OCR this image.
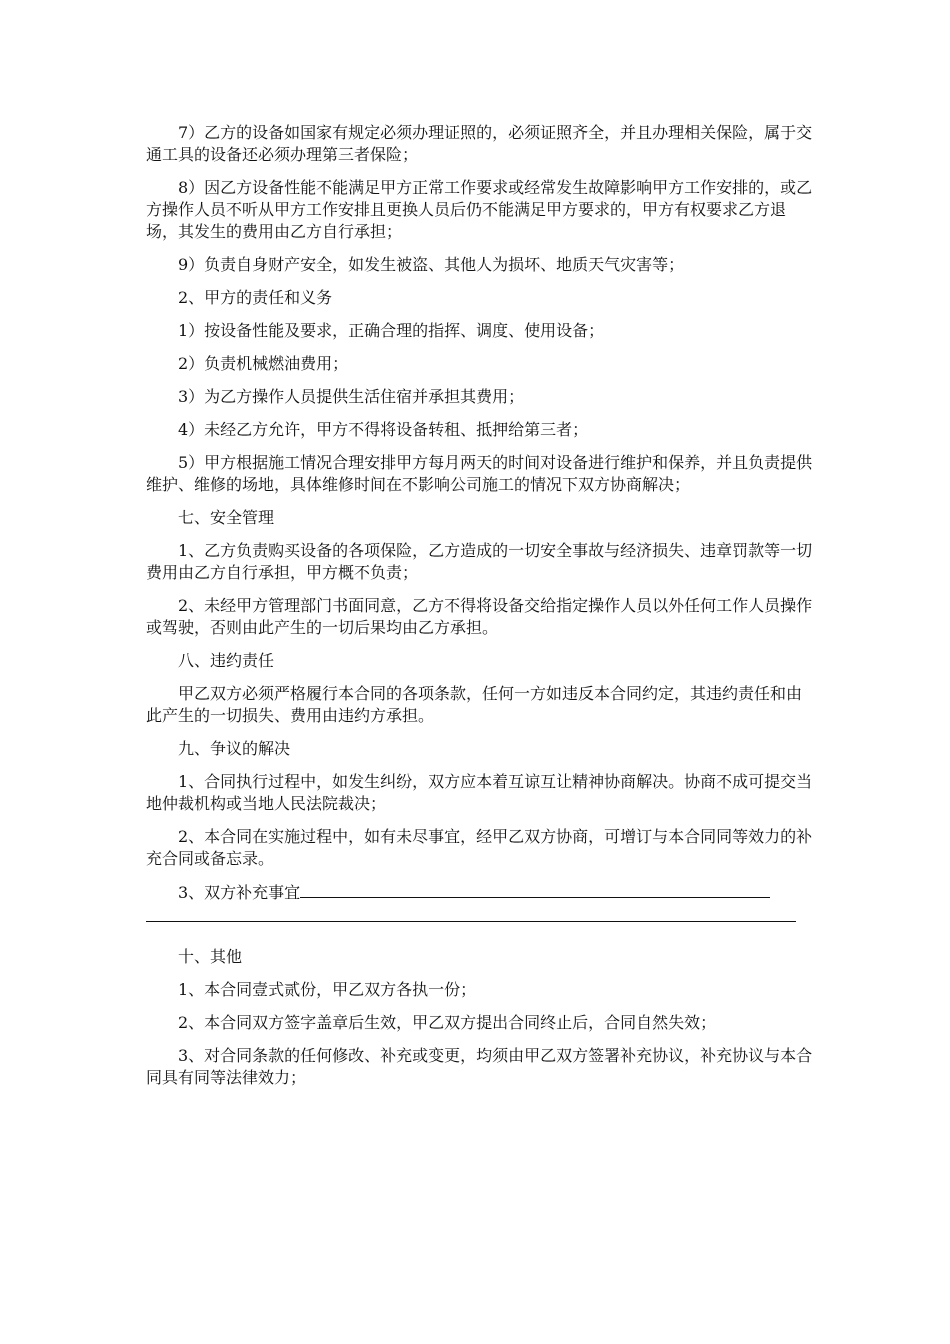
7）乙方的设备如国家有规定必须办理证照的，必须证照齐全，并且办理相关保险，属于交通工具的设备还必须办理第三者保险；

8）因乙方设备性能不能满足甲方正常工作要求或经常发生故障影响甲方工作安排的，或乙方操作人员不听从甲方工作安排且更换人员后仍不能满足甲方要求的，甲方有权要求乙方退场，其发生的费用由乙方自行承担；

9）负责自身财产安全，如发生被盗、其他人为损坏、地质天气灾害等；

2、甲方的责任和义务

1）按设备性能及要求，正确合理的指挥、调度、使用设备；

2）负责机械燃油费用；

3）为乙方操作人员提供生活住宿并承担其费用；

4）未经乙方允许，甲方不得将设备转租、抵押给第三者；

5）甲方根据施工情况合理安排甲方每月两天的时间对设备进行维护和保养，并且负责提供维护、维修的场地，具体维修时间在不影响公司施工的情况下双方协商解决；

七、安全管理

1、乙方负责购买设备的各项保险，乙方造成的一切安全事故与经济损失、违章罚款等一切费用由乙方自行承担，甲方概不负责；

2、未经甲方管理部门书面同意，乙方不得将设备交给指定操作人员以外任何工作人员操作或驾驶，否则由此产生的一切后果均由乙方承担。

八、违约责任

甲乙双方必须严格履行本合同的各项条款，任何一方如违反本合同约定，其违约责任和由此产生的一切损失、费用由违约方承担。

九、争议的解决

1、合同执行过程中，如发生纠纷，双方应本着互谅互让精神协商解决。协商不成可提交当地仲裁机构或当地人民法院裁决；

2、本合同在实施过程中，如有未尽事宜，经甲乙双方协商，可增订与本合同同等效力的补充合同或备忘录。

3、双方补充事宜

十、其他

1、本合同壹式贰份，甲乙双方各执一份；

2、本合同双方签字盖章后生效，甲乙双方提出合同终止后，合同自然失效；

3、对合同条款的任何修改、补充或变更，均须由甲乙双方签署补充协议，补充协议与本合同具有同等法律效力；
